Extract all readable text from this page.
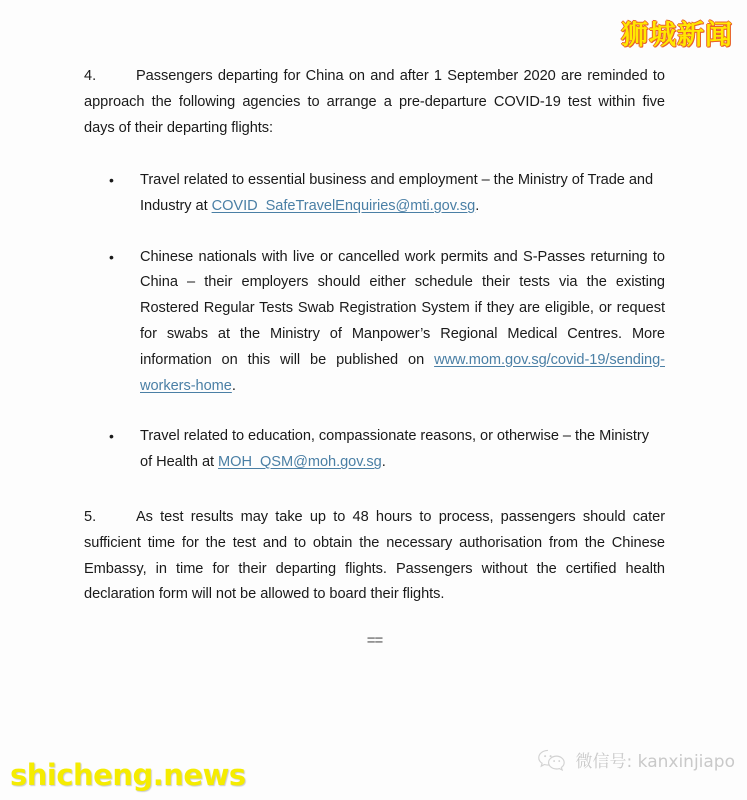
4.	Passengers departing for China on and after 1 September 2020 are reminded to approach the following agencies to arrange a pre-departure COVID-19 test within five days of their departing flights:

• Travel related to essential business and employment – the Ministry of Trade and Industry at COVID_SafeTravelEnquiries@mti.gov.sg.

• Chinese nationals with live or cancelled work permits and S-Passes returning to China – their employers should either schedule their tests via the existing Rostered Regular Tests Swab Registration System if they are eligible, or request for swabs at the Ministry of Manpower’s Regional Medical Centres. More information on this will be published on www.mom.gov.sg/covid-19/sending-workers-home.

• Travel related to education, compassionate reasons, or otherwise – the Ministry of Health at MOH_QSM@moh.gov.sg.

5.	As test results may take up to 48 hours to process, passengers should cater sufficient time for the test and to obtain the necessary authorisation from the Chinese Embassy, in time for their departing flights. Passengers without the certified health declaration form will not be allowed to board their flights.

==
狮城新闻
shicheng.news	微信号: kanxinjiapo
